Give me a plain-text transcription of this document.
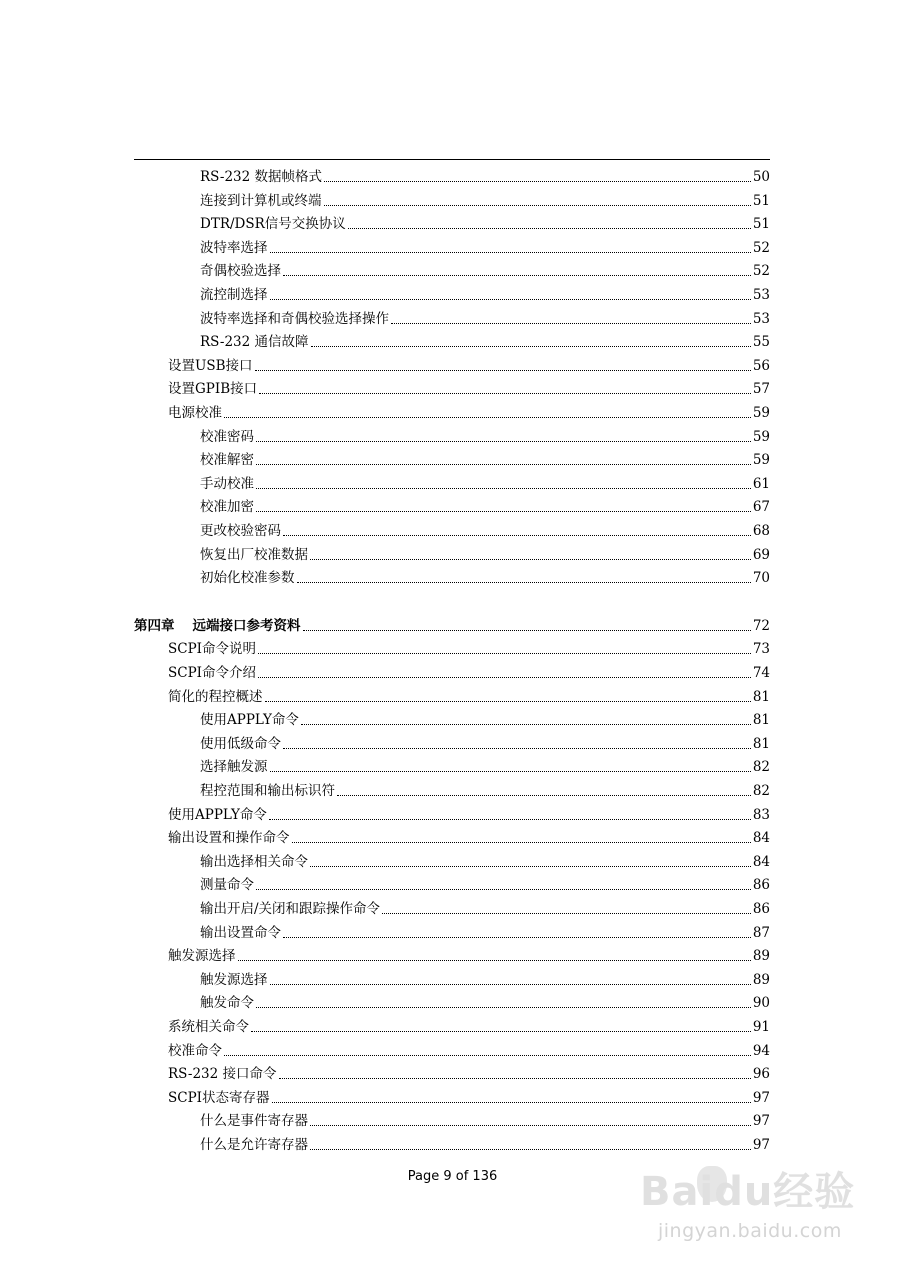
RS-232 数据帧格式	50
连接到计算机或终端	51
DTR/DSR信号交换协议	51
波特率选择	52
奇偶校验选择	52
流控制选择	53
波特率选择和奇偶校验选择操作	53
RS-232 通信故障	55
设置USB接口	56
设置GPIB接口	57
电源校准	59
校准密码	59
校准解密	59
手动校准	61
校准加密	67
更改校验密码	68
恢复出厂校准数据	69
初始化校准参数	70
第四章	远端接口参考资料	72
SCPI命令说明	73
SCPI命令介绍	74
简化的程控概述	81
使用APPLY命令	81
使用低级命令	81
选择触发源	82
程控范围和输出标识符	82
使用APPLY命令	83
输出设置和操作命令	84
输出选择相关命令	84
测量命令	86
输出开启/关闭和跟踪操作命令	86
输出设置命令	87
触发源选择	89
触发源选择	89
触发命令	90
系统相关命令	91
校准命令	94
RS-232 接口命令	96
SCPI状态寄存器	97
什么是事件寄存器	97
什么是允许寄存器	97
Page 9 of 136	Baidu经验
jingyan.baidu.com
